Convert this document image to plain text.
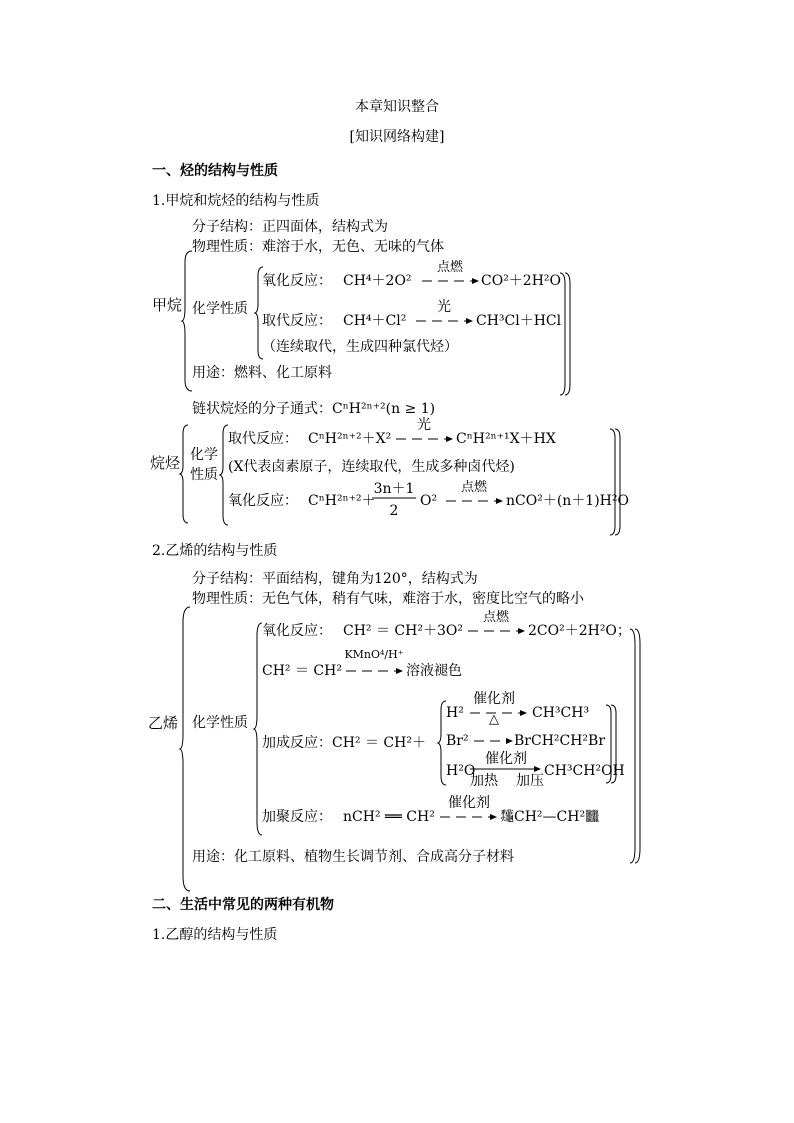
本章知识整合
[知识网络构建]
一、烃的结构与性质
1.甲烷和烷烃的结构与性质
分子结构：正四面体，结构式为
物理性质：难溶于水，无色、无味的气体
甲烷 化学性质
氧化反应： CH⁴＋2O²
点燃
CO²＋2H²O
取代反应： CH⁴＋Cl²
光
CH³Cl＋HCl
（连续取代，生成四种氯代烃）
用途：燃料、化工原料
链状烷烃的分子通式：CⁿH²ⁿ⁺²(n ≥ 1)
烷烃 化学
性质
取代反应： CⁿH²ⁿ⁺²＋X²
光
CⁿH²ⁿ⁺¹X＋HX
(X代表卤素原子，连续取代，生成多种卤代烃)
氧化反应： CⁿH²ⁿ⁺²＋
3n＋1
2
O²
点燃
nCO²＋(n＋1)H²O
2.乙烯的结构与性质
分子结构：平面结构，键角为120°，结构式为
物理性质：无色气体，稍有气味，难溶于水，密度比空气的略小
乙烯 化学性质
氧化反应： CH² ＝ CH²＋3O²
点燃
2CO²＋2H²O；
CH² ＝ CH²
KMnO⁴/H⁺
溶液褪色
加成反应：CH² ＝ CH²＋
H²
催化剂
△	CH³CH³
Br²	BrCH²CH²Br
H²O
催化剂
加热 加压
CH³CH²OH
加聚反应： nCH² ══ CH²
催化剂
𪛁CH²—CH²𪚥
用途：化工原料、植物生长调节剂、合成高分子材料
二、生活中常见的两种有机物
1.乙醇的结构与性质
